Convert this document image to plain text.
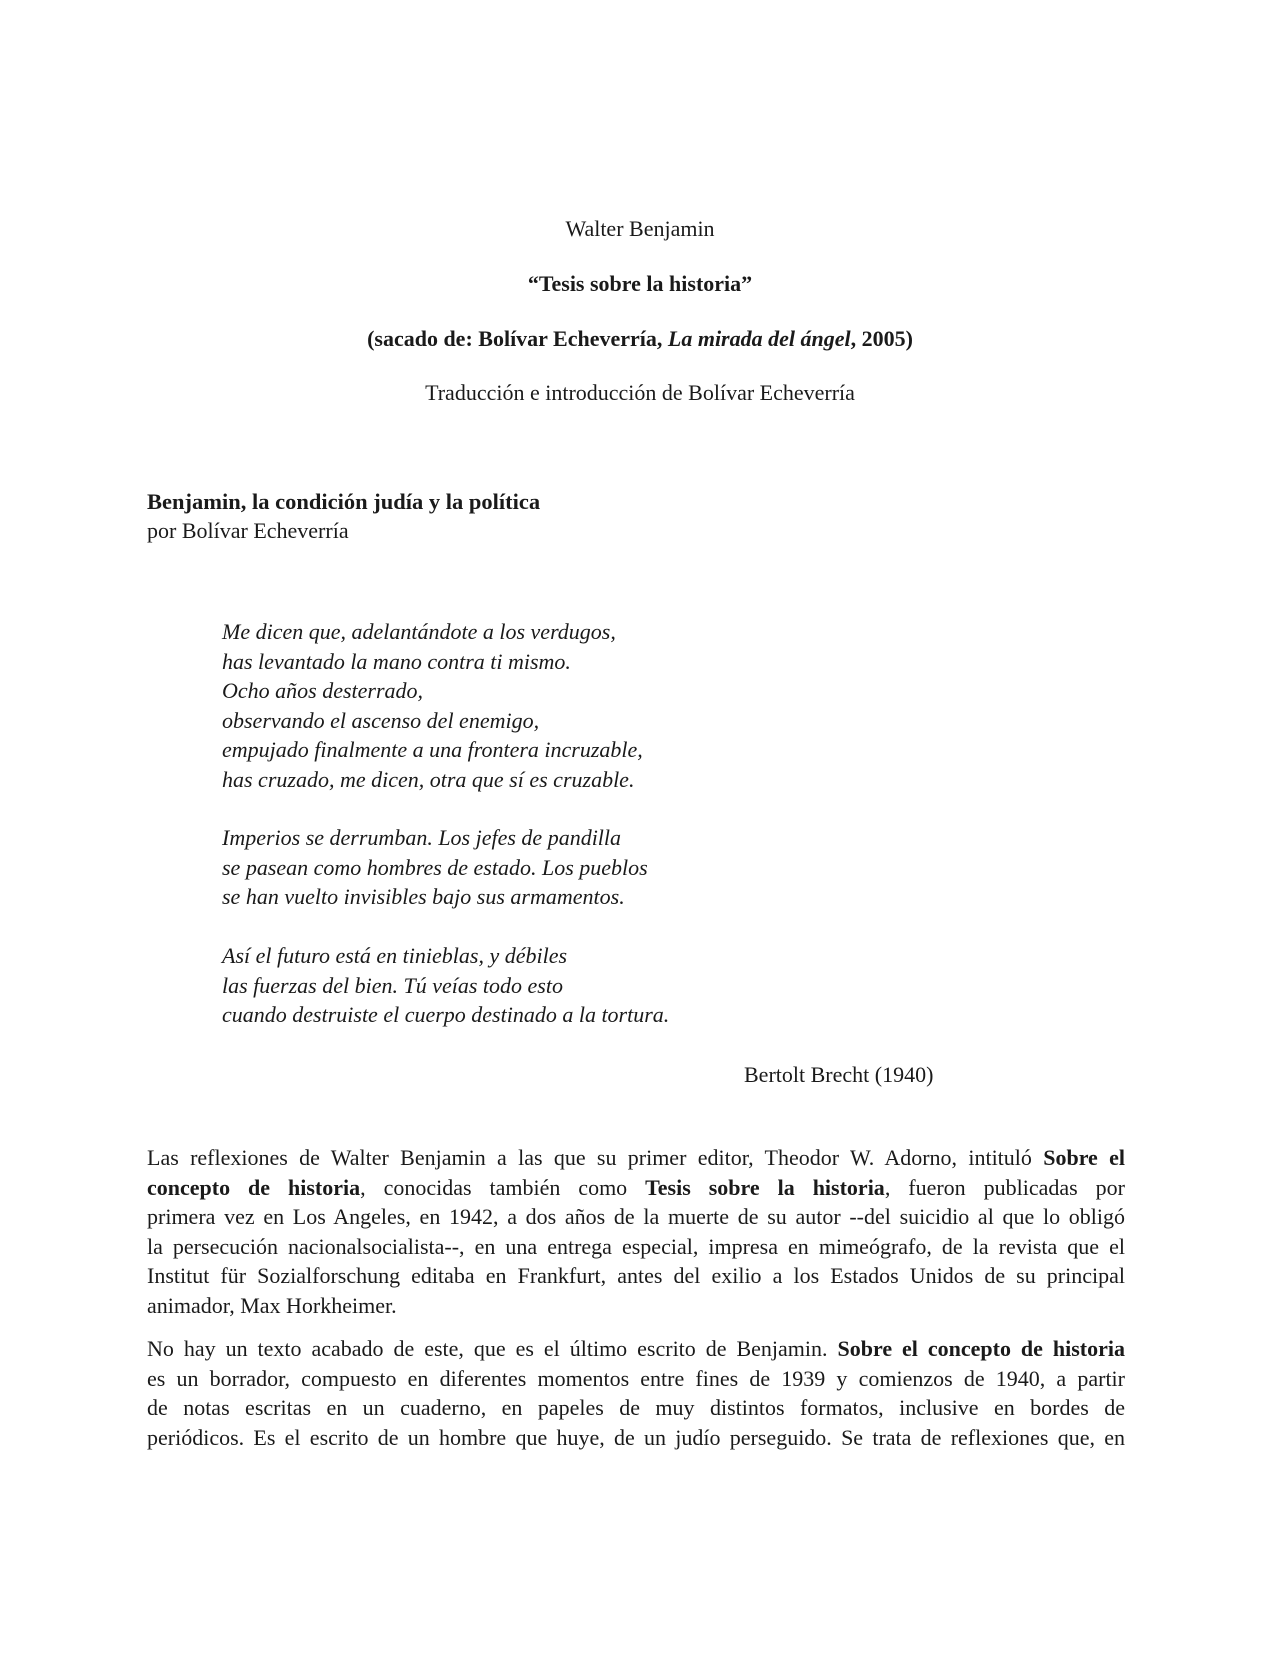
Walter Benjamin
“Tesis sobre la historia”
(sacado de: Bolívar Echeverría, La mirada del ángel, 2005)
Traducción e introducción de Bolívar Echeverría
Benjamin, la condición judía y la política
por Bolívar Echeverría
Me dicen que, adelantándote a los verdugos,
has levantado la mano contra ti mismo.
Ocho años desterrado,
observando el ascenso del enemigo,
empujado finalmente a una frontera incruzable,
has cruzado, me dicen, otra que sí es cruzable.
Imperios se derrumban. Los jefes de pandilla
se pasean como hombres de estado. Los pueblos
se han vuelto invisibles bajo sus armamentos.
Así el futuro está en tinieblas, y débiles
las fuerzas del bien. Tú veías todo esto
cuando destruiste el cuerpo destinado a la tortura.
Bertolt Brecht (1940)
Las reflexiones de Walter Benjamin a las que su primer editor, Theodor W. Adorno, intituló Sobre el
concepto de historia, conocidas también como Tesis sobre la historia, fueron publicadas por
primera vez en Los Angeles, en 1942, a dos años de la muerte de su autor --del suicidio al que lo obligó
la persecución nacionalsocialista--, en una entrega especial, impresa en mimeógrafo, de la revista que el
Institut für Sozialforschung editaba en Frankfurt, antes del exilio a los Estados Unidos de su principal
animador, Max Horkheimer.
No hay un texto acabado de este, que es el último escrito de Benjamin. Sobre el concepto de historia
es un borrador, compuesto en diferentes momentos entre fines de 1939 y comienzos de 1940, a partir
de notas escritas en un cuaderno, en papeles de muy distintos formatos, inclusive en bordes de
periódicos. Es el escrito de un hombre que huye, de un judío perseguido. Se trata de reflexiones que, en
